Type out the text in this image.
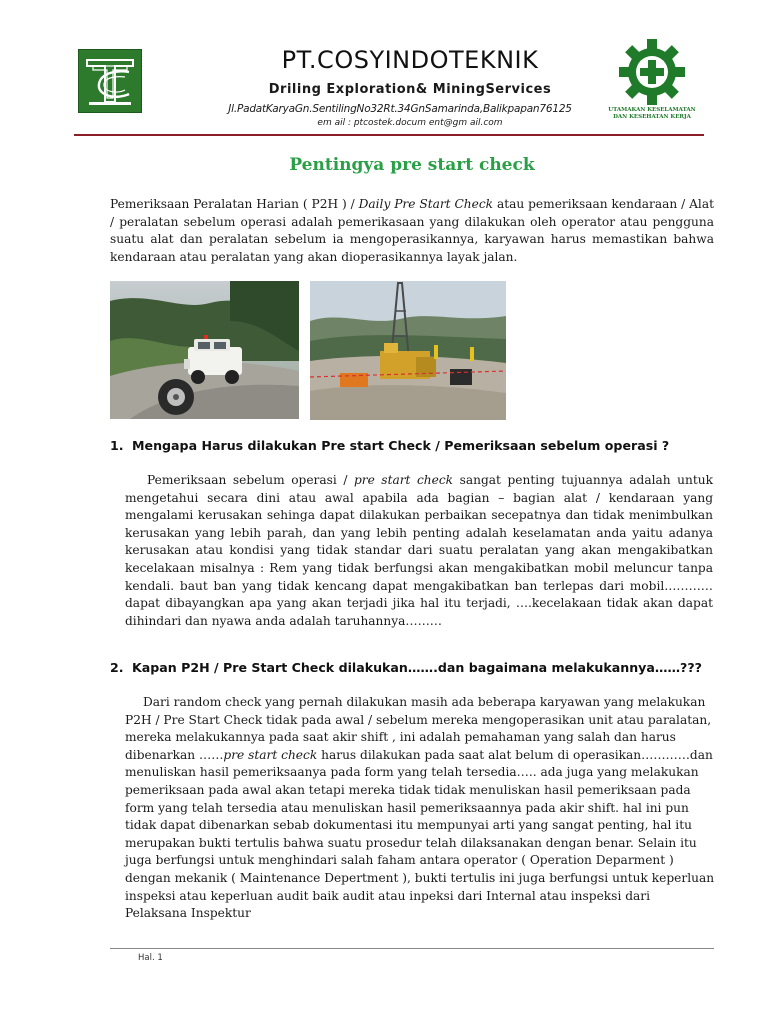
PT.COSYINDOTEKNIK
Driling Exploration& MiningServices
Jl.PadatKaryaGn.SentilingNo32Rt.34GnSamarinda,Balikpapan76125
em ail : ptcostek.docum ent@gm ail.com
UTAMAKAN KESELAMATAN
DAN KESEHATAN KERJA
Pentingya pre start check
Pemeriksaan Peralatan Harian ( P2H ) / Daily Pre Start Check atau pemeriksaan kendaraan / Alat / peralatan sebelum operasi adalah pemerikasaan yang dilakukan oleh operator atau pengguna suatu alat dan peralatan sebelum ia mengoperasikannya, karyawan harus memastikan bahwa kendaraan atau peralatan yang akan dioperasikannya layak jalan.
1. Mengapa Harus dilakukan Pre start Check / Pemeriksaan sebelum operasi ?
Pemeriksaan sebelum operasi / pre start check sangat penting tujuannya adalah untuk mengetahui secara dini atau awal apabila ada bagian – bagian alat / kendaraan yang mengalami kerusakan sehinga dapat dilakukan perbaikan secepatnya dan tidak menimbulkan kerusakan yang lebih parah, dan yang lebih penting adalah keselamatan anda yaitu adanya kerusakan atau kondisi yang tidak standar dari suatu peralatan yang akan mengakibatkan kecelakaan misalnya : Rem yang tidak berfungsi akan mengakibatkan mobil meluncur tanpa kendali. baut ban yang tidak kencang dapat mengakibatkan ban terlepas dari mobil…………dapat dibayangkan apa yang akan terjadi jika hal itu terjadi, ….kecelakaan tidak akan dapat dihindari dan nyawa anda adalah taruhannya………
2. Kapan P2H / Pre Start Check dilakukan…….dan bagaimana melakukannya……???
Dari random check yang pernah dilakukan masih ada beberapa karyawan yang melakukan P2H / Pre Start Check tidak pada awal / sebelum mereka mengoperasikan unit atau paralatan, mereka melakukannya pada saat akir shift , ini adalah pemahaman yang salah dan harus dibenarkan ……pre start check harus dilakukan pada saat alat belum di operasikan…………dan menuliskan hasil pemeriksaanya pada form yang telah tersedia….. ada juga yang melakukan pemeriksaan pada awal akan tetapi mereka tidak tidak menuliskan hasil pemeriksaan pada form yang telah tersedia atau menuliskan hasil pemeriksaannya pada akir shift. hal ini pun tidak dapat dibenarkan sebab dokumentasi itu mempunyai arti yang sangat penting, hal itu merupakan bukti tertulis bahwa suatu prosedur telah dilaksanakan dengan benar. Selain itu juga berfungsi untuk menghindari salah faham antara operator ( Operation Deparment ) dengan mekanik ( Maintenance Depertment ), bukti tertulis ini juga berfungsi untuk keperluan inspeksi atau keperluan audit baik audit atau inpeksi dari Internal atau inspeksi dari Pelaksana Inspektur
Hal. 1
